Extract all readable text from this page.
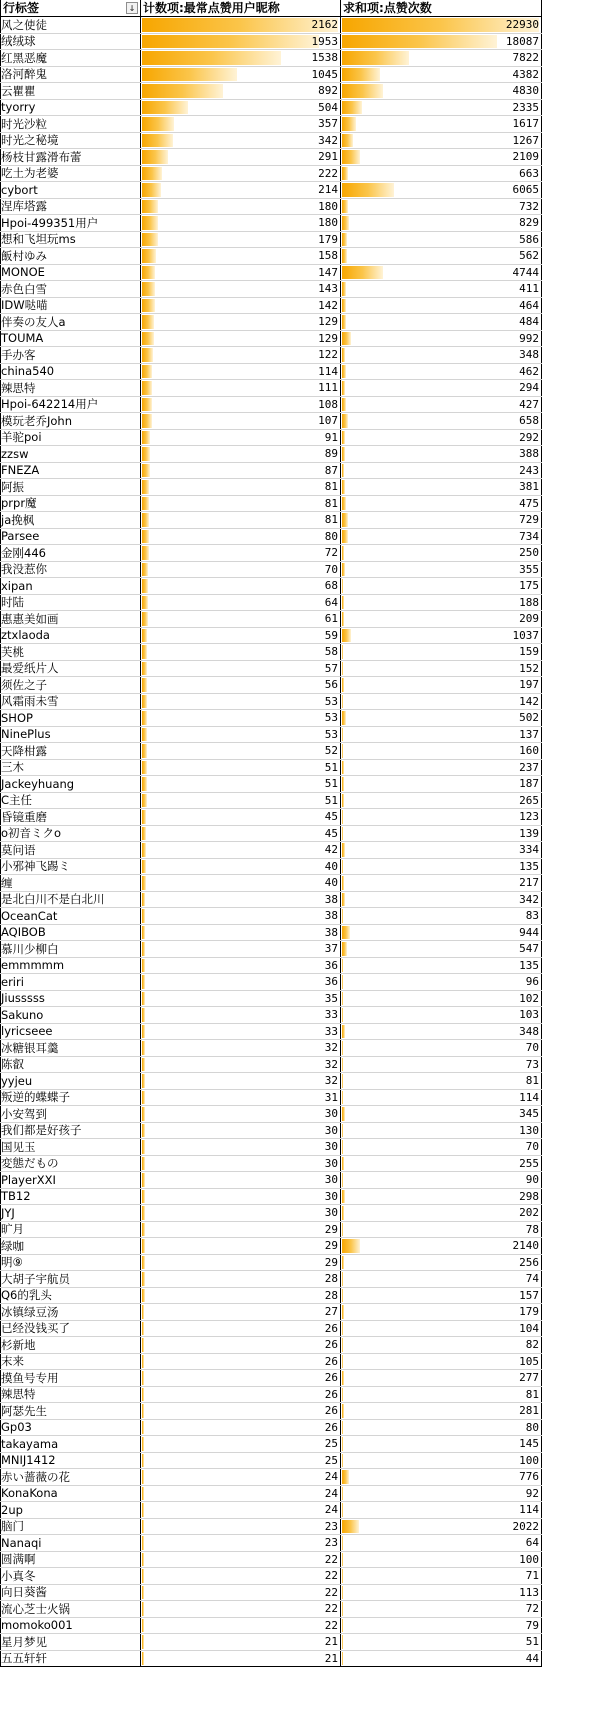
行标签 ↓	计数项:最常点赞用户昵称	求和项:点赞次数
风之使徒	2162	22930
绒绒球	1953	18087
红黑恶魔	1538	7822
洛河醉鬼	1045	4382
云瞿瞿	892	4830
tyorry	504	2335
时光沙粒	357	1617
时光之秘境	342	1267
杨枝甘露滑布蕾	291	2109
吃土为老婆	222	663
cybort	214	6065
涅库塔露	180	732
Hpoi-499351用户	180	829
想和飞坦玩ms	179	586
飯村ゆみ	158	562
MONOE	147	4744
赤色白雪	143	411
IDW哒喵	142	464
伴奏の友人a	129	484
TOUMA	129	992
手办客	122	348
china540	114	462
辣思特	111	294
Hpoi-642214用户	108	427
模玩老乔John	107	658
羊驼poi	91	292
zzsw	89	388
FNEZA	87	243
阿振	81	381
prpr魔	81	475
ja挽枫	81	729
Parsee	80	734
金刚446	72	250
我没惹你	70	355
xipan	68	175
时陆	64	188
惠惠美如画	61	209
ztxlaoda	59	1037
芙桃	58	159
最爱纸片人	57	152
须佐之子	56	197
风霜雨未雪	53	142
SHOP	53	502
NinePlus	53	137
天降柑露	52	160
三木	51	237
Jackeyhuang	51	187
C主任	51	265
昏镜重磨	45	123
o初音ミクo	45	139
莫问语	42	334
小邪神飞踢ミ	40	135
缠	40	217
是北白川不是白北川	38	342
OceanCat	38	83
AQIBOB	38	944
慕川少柳白	37	547
emmmmm	36	135
eriri	36	96
Jiusssss	35	102
Sakuno	33	103
lyricseee	33	348
冰糖银耳羹	32	70
陈叡	32	73
yyjeu	32	81
叛逆的蝶蝶子	31	114
小安驾到	30	345
我们都是好孩子	30	130
国见玉	30	70
変態だもの	30	255
PlayerXXI	30	90
TB12	30	298
JYJ	30	202
旷月	29	78
绿咖	29	2140
明⑨	29	256
大胡子宇航员	28	74
Q6的乳头	28	157
冰镇绿豆汤	27	179
已经没钱买了	26	104
杉新地	26	82
末来	26	105
摸鱼号专用	26	277
辣思特	26	81
阿瑟先生	26	281
Gp03	26	80
takayama	25	145
MNIJ1412	25	100
赤い蔷薇の花	24	776
KonaKona	24	92
2up	24	114
脑门	23	2022
Nanaqi	23	64
圆满啊	22	100
小真冬	22	71
向日葵酱	22	113
流心芝士火锅	22	72
momoko001	22	79
星月梦见	21	51
五五轩轩	21	44
